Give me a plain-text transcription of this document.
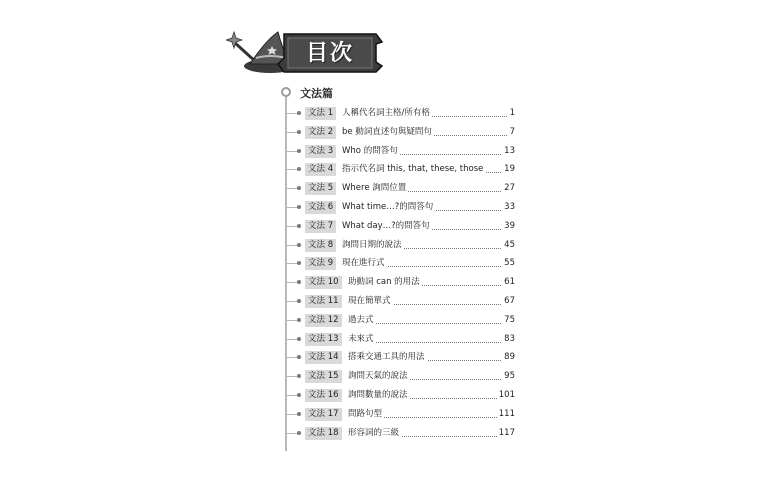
目次
文法篇
文法 1	人稱代名詞主格/所有格	1
文法 2	be 動詞直述句與疑問句	7
文法 3	Who 的問答句	13
文法 4	指示代名詞 this, that, these, those 19
文法 5	Where 詢問位置	27
文法 6	What time…?的問答句	33
文法 7	What day…?的問答句	39
文法 8	詢問日期的說法	45
文法 9	現在進行式	55
文法 10	助動詞 can 的用法	61
文法 11	現在簡單式	67
文法 12	過去式	75
文法 13	未來式	83
文法 14	搭乘交通工具的用法	89
文法 15	詢問天氣的說法	95
文法 16	詢問數量的說法	101
文法 17	問路句型	111
文法 18	形容詞的三級	117
